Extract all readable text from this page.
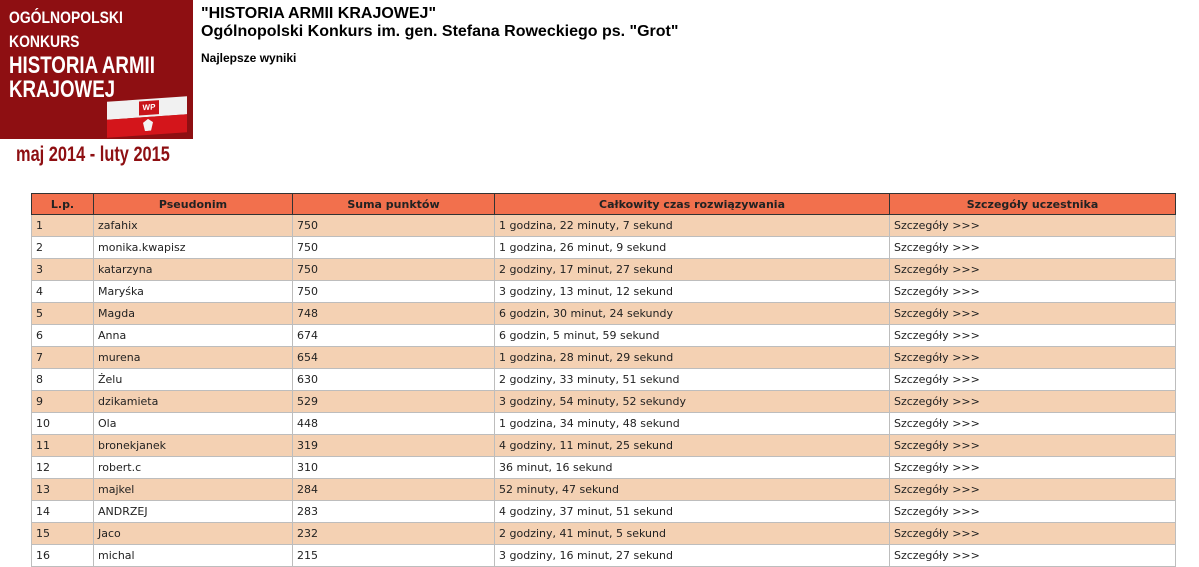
OGÓLNOPOLSKI
KONKURS
HISTORIA ARMII
KRAJOWEJ
WP
maj 2014 - luty 2015
"HISTORIA ARMII KRAJOWEJ"
Ogólnopolski Konkurs im. gen. Stefana Roweckiego ps. "Grot"
Najlepsze wyniki
L.p.	Pseudonim	Suma punktów	Całkowity czas rozwiązywania	Szczegóły uczestnika
1	zafahix	750	1 godzina, 22 minuty, 7 sekund	Szczegóły >>>
2	monika.kwapisz	750	1 godzina, 26 minut, 9 sekund	Szczegóły >>>
3	katarzyna	750	2 godziny, 17 minut, 27 sekund	Szczegóły >>>
4	Maryśka	750	3 godziny, 13 minut, 12 sekund	Szczegóły >>>
5	Magda	748	6 godzin, 30 minut, 24 sekundy	Szczegóły >>>
6	Anna	674	6 godzin, 5 minut, 59 sekund	Szczegóły >>>
7	murena	654	1 godzina, 28 minut, 29 sekund	Szczegóły >>>
8	Żelu	630	2 godziny, 33 minuty, 51 sekund	Szczegóły >>>
9	dzikamieta	529	3 godziny, 54 minuty, 52 sekundy	Szczegóły >>>
10	Ola	448	1 godzina, 34 minuty, 48 sekund	Szczegóły >>>
11	bronekjanek	319	4 godziny, 11 minut, 25 sekund	Szczegóły >>>
12	robert.c	310	36 minut, 16 sekund	Szczegóły >>>
13	majkel	284	52 minuty, 47 sekund	Szczegóły >>>
14	ANDRZEJ	283	4 godziny, 37 minut, 51 sekund	Szczegóły >>>
15	Jaco	232	2 godziny, 41 minut, 5 sekund	Szczegóły >>>
16	michal	215	3 godziny, 16 minut, 27 sekund	Szczegóły >>>
